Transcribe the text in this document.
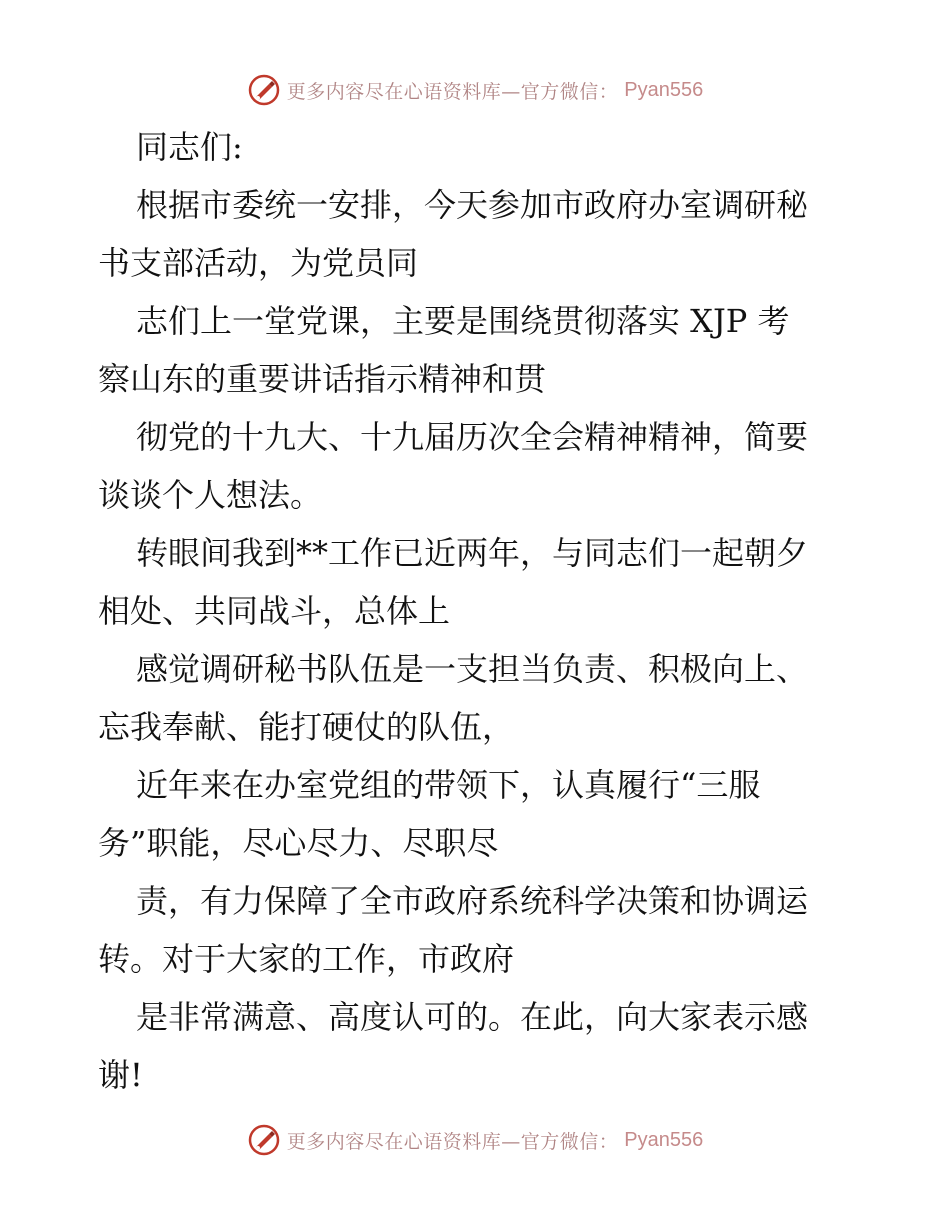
更多内容尽在心语资料库—官方微信： Pyan556
同志们:
根据市委统一安排，今天参加市政府办室调研秘
书支部活动，为党员同
志们上一堂党课，主要是围绕贯彻落实 XJP 考
察山东的重要讲话指示精神和贯
彻党的十九大、十九届历次全会精神精神，简要
谈谈个人想法。
转眼间我到**工作已近两年，与同志们一起朝夕
相处、共同战斗，总体上
感觉调研秘书队伍是一支担当负责、积极向上、
忘我奉献、能打硬仗的队伍，
近年来在办室党组的带领下，认真履行“三服
务”职能，尽心尽力、尽职尽
责，有力保障了全市政府系统科学决策和协调运
转。对于大家的工作，市政府
是非常满意、高度认可的。在此，向大家表示感
谢!
更多内容尽在心语资料库—官方微信： Pyan556
